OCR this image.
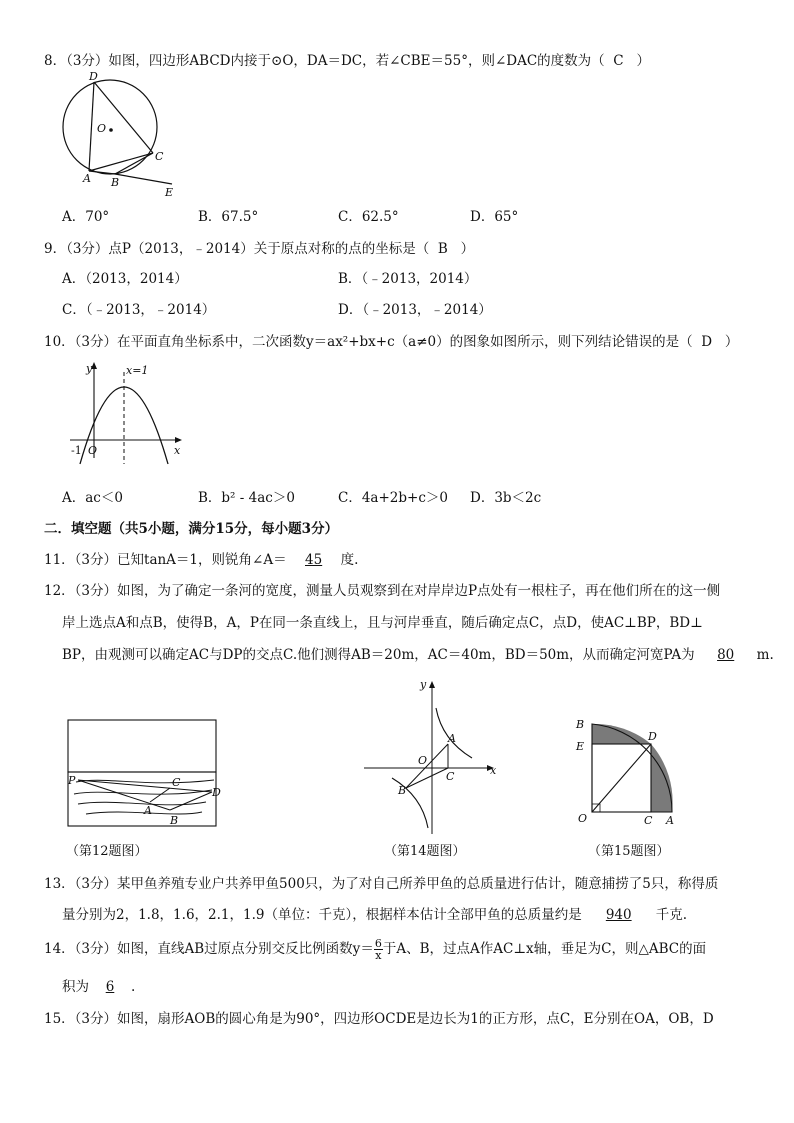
8．（3分）如图，四边形ABCD内接于⊙O，DA＝DC，若∠CBE＝55°，则∠DAC的度数为（ C ）
D
O
C
A B
E
A．70°	B．67.5°	C．62.5°	D．65°
9．（3分）点P（2013，﹣2014）关于原点对称的点的坐标是（ B ）
A．（2013，2014）	B．（﹣2013，2014）
C．（﹣2013，﹣2014）	D．（﹣2013，﹣2014）
10．（3分）在平面直角坐标系中，二次函数y＝ax²+bx+c（a≠0）的图象如图所示，则下列结论错误的是（ D ）
y	x=1
-1 O	x
A．ac＜0	B．b² - 4ac＞0	C．4a+2b+c＞0 D．3b＜2c
二．填空题（共5小题，满分15分，每小题3分）
11．（3分）已知tanA＝1，则锐角∠A＝ 45 度.
12．（3分）如图，为了确定一条河的宽度，测量人员观察到在对岸岸边P点处有一根柱子，再在他们所在的这一侧
岸上选点A和点B，使得B，A，P在同一条直线上，且与河岸垂直，随后确定点C，点D，使AC⊥BP，BD⊥
BP，由观测可以确定AC与DP的交点C.他们测得AB＝20m，AC＝40m，BD＝50m，从而确定河宽PA为 80 m.
P	C
D
A
B
（第12题图）
y
O
A
C
B
x
（第14题图）
B
E
D
O	C A
（第15题图）
13．（3分）某甲鱼养殖专业户共养甲鱼500只，为了对自己所养甲鱼的总质量进行估计，随意捕捞了5只，称得质
量分别为2，1.8，1.6，2.1，1.9（单位：千克），根据样本估计全部甲鱼的总质量约是 940 千克.
14．（3分）如图，直线AB过原点分别交反比例函数$y= \frac{6}{x}$ 于A、B，过点A作AC⊥x轴，垂足为C，则△ABC的面
积为 6 .
15．（3分）如图，扇形AOB的圆心角是为90°，四边形OCDE是边长为1的正方形，点C，E分别在OA，OB，D
